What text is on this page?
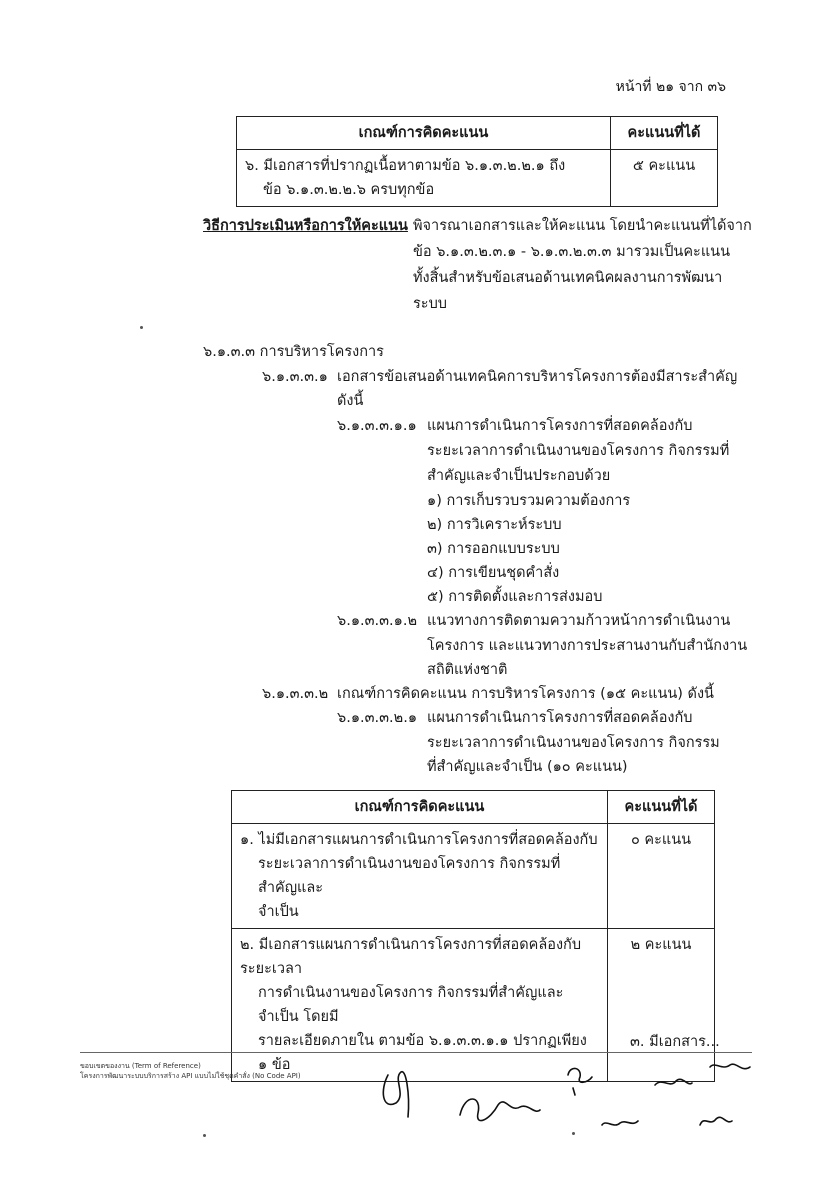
หน้าที่ ๒๑ จาก ๓๖
เกณฑ์การคิดคะแนน	คะแนนที่ได้

๖. มีเอกสารที่ปรากฏเนื้อหาตามข้อ ๖.๑.๓.๒.๒.๑ ถึง
ข้อ ๖.๑.๓.๒.๒.๖ ครบทุกข้อ	๕ คะแนน
วิธีการประเมินหรือการให้คะแนน พิจารณาเอกสารและให้คะแนน โดยนำคะแนนที่ได้จาก
ข้อ ๖.๑.๓.๒.๓.๑ - ๖.๑.๓.๒.๓.๓ มารวมเป็นคะแนน
ทั้งสิ้นสำหรับข้อเสนอด้านเทคนิคผลงานการพัฒนา
ระบบ
๖.๑.๓.๓ การบริหารโครงการ
๖.๑.๓.๓.๑ เอกสารข้อเสนอด้านเทคนิคการบริหารโครงการต้องมีสาระสำคัญ
ดังนี้
๖.๑.๓.๓.๑.๑ แผนการดำเนินการโครงการที่สอดคล้องกับ
ระยะเวลาการดำเนินงานของโครงการ กิจกรรมที่
สำคัญและจำเป็นประกอบด้วย
๑) การเก็บรวบรวมความต้องการ
๒) การวิเคราะห์ระบบ
๓) การออกแบบระบบ
๔) การเขียนชุดคำสั่ง
๕) การติดตั้งและการส่งมอบ
๖.๑.๓.๓.๑.๒ แนวทางการติดตามความก้าวหน้าการดำเนินงาน
โครงการ และแนวทางการประสานงานกับสำนักงาน
สถิติแห่งชาติ
๖.๑.๓.๓.๒ เกณฑ์การคิดคะแนน การบริหารโครงการ (๑๕ คะแนน) ดังนี้
๖.๑.๓.๓.๒.๑ แผนการดำเนินการโครงการที่สอดคล้องกับ
ระยะเวลาการดำเนินงานของโครงการ กิจกรรม
ที่สำคัญและจำเป็น (๑๐ คะแนน)
เกณฑ์การคิดคะแนน	คะแนนที่ได้

๑. ไม่มีเอกสารแผนการดำเนินการโครงการที่สอดคล้องกับ
ระยะเวลาการดำเนินงานของโครงการ กิจกรรมที่สำคัญและ
จำเป็น	๐ คะแนน

๒. มีเอกสารแผนการดำเนินการโครงการที่สอดคล้องกับระยะเวลา
การดำเนินงานของโครงการ กิจกรรมที่สำคัญและจำเป็น โดยมี
รายละเอียดภายใน ตามข้อ ๖.๑.๓.๓.๑.๑ ปรากฏเพียง ๑ ข้อ	๒ คะแนน
๓. มีเอกสาร...
ขอบเขตของงาน (Term of Reference)
โครงการพัฒนาระบบบริการสร้าง API แบบไม่ใช้ชุดคำสั่ง (No Code API)
